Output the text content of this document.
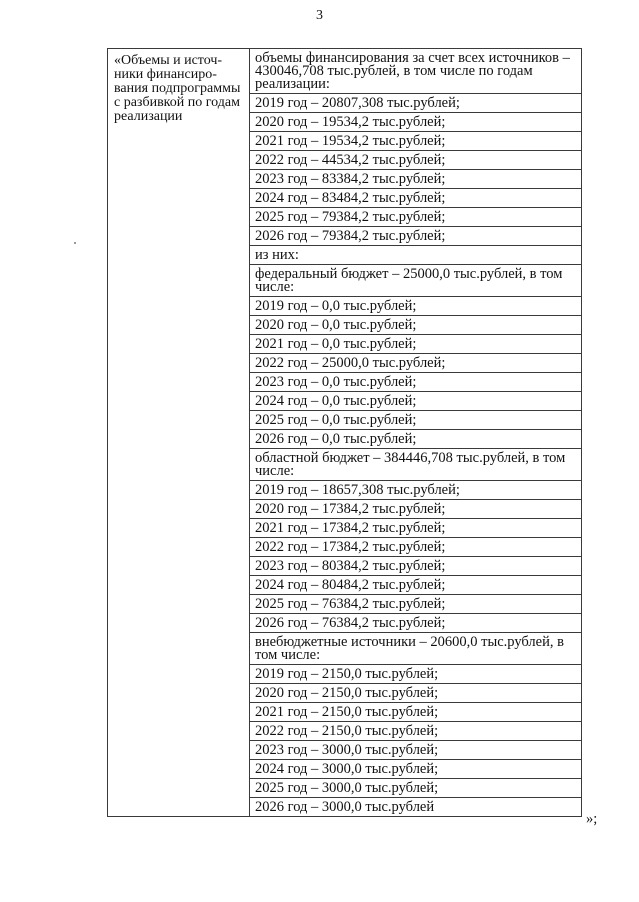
3
«Объемы и источ-ники финансиро-вания подпрограммы с разбивкой по годам реализации

объемы финансирования за счет всех источников – 430046,708 тыс.рублей, в том числе по годам реализации:
2019 год – 20807,308 тыс.рублей;
2020 год – 19534,2 тыс.рублей;
2021 год – 19534,2 тыс.рублей;
2022 год – 44534,2 тыс.рублей;
2023 год – 83384,2 тыс.рублей;
2024 год – 83484,2 тыс.рублей;
2025 год – 79384,2 тыс.рублей;
2026 год – 79384,2 тыс.рублей;
из них:
федеральный бюджет – 25000,0 тыс.рублей, в том числе:
2019 год – 0,0 тыс.рублей;
2020 год – 0,0 тыс.рублей;
2021 год – 0,0 тыс.рублей;
2022 год – 25000,0 тыс.рублей;
2023 год – 0,0 тыс.рублей;
2024 год – 0,0 тыс.рублей;
2025 год – 0,0 тыс.рублей;
2026 год – 0,0 тыс.рублей;
областной бюджет – 384446,708 тыс.рублей, в том числе:
2019 год – 18657,308 тыс.рублей;
2020 год – 17384,2 тыс.рублей;
2021 год – 17384,2 тыс.рублей;
2022 год – 17384,2 тыс.рублей;
2023 год – 80384,2 тыс.рублей;
2024 год – 80484,2 тыс.рублей;
2025 год – 76384,2 тыс.рублей;
2026 год – 76384,2 тыс.рублей;
внебюджетные источники – 20600,0 тыс.рублей, в том числе:
2019 год – 2150,0 тыс.рублей;
2020 год – 2150,0 тыс.рублей;
2021 год – 2150,0 тыс.рублей;
2022 год – 2150,0 тыс.рублей;
2023 год – 3000,0 тыс.рублей;
2024 год – 3000,0 тыс.рублей;
2025 год – 3000,0 тыс.рублей;
2026 год – 3000,0 тыс.рублей
»;
